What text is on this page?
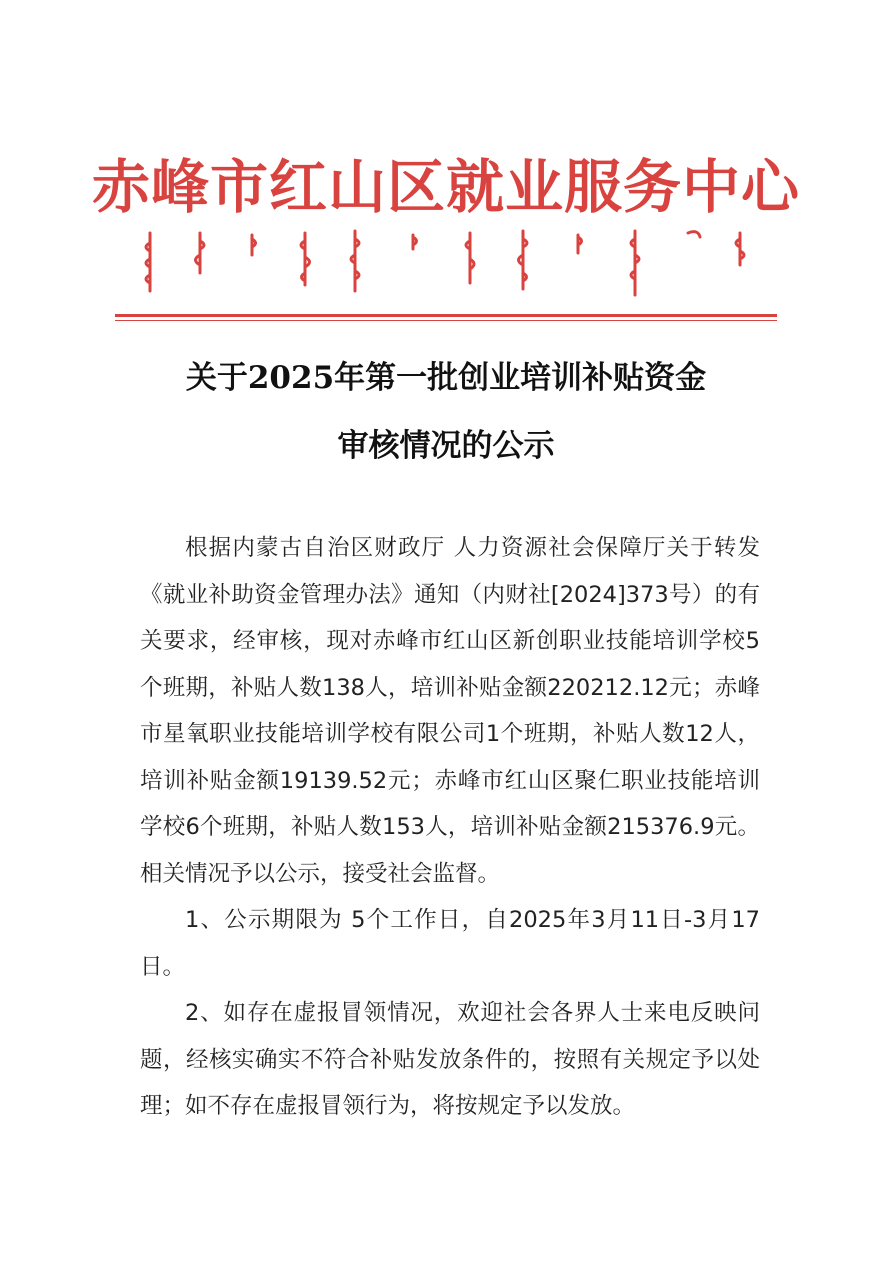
赤峰市红山区就业服务中心
关于2025年第一批创业培训补贴资金
审核情况的公示

根据内蒙古自治区财政厅 人力资源社会保障厅关于转发《就业补助资金管理办法》通知（内财社[2024]373号）的有关要求，经审核，现对赤峰市红山区新创职业技能培训学校5个班期，补贴人数138人，培训补贴金额220212.12元；赤峰市星氧职业技能培训学校有限公司1个班期，补贴人数12人，培训补贴金额19139.52元；赤峰市红山区聚仁职业技能培训学校6个班期，补贴人数153人，培训补贴金额215376.9元。相关情况予以公示，接受社会监督。

1、公示期限为 5个工作日，自2025年3月11日-3月17日。

2、如存在虚报冒领情况，欢迎社会各界人士来电反映问题，经核实确实不符合补贴发放条件的，按照有关规定予以处理；如不存在虚报冒领行为，将按规定予以发放。
